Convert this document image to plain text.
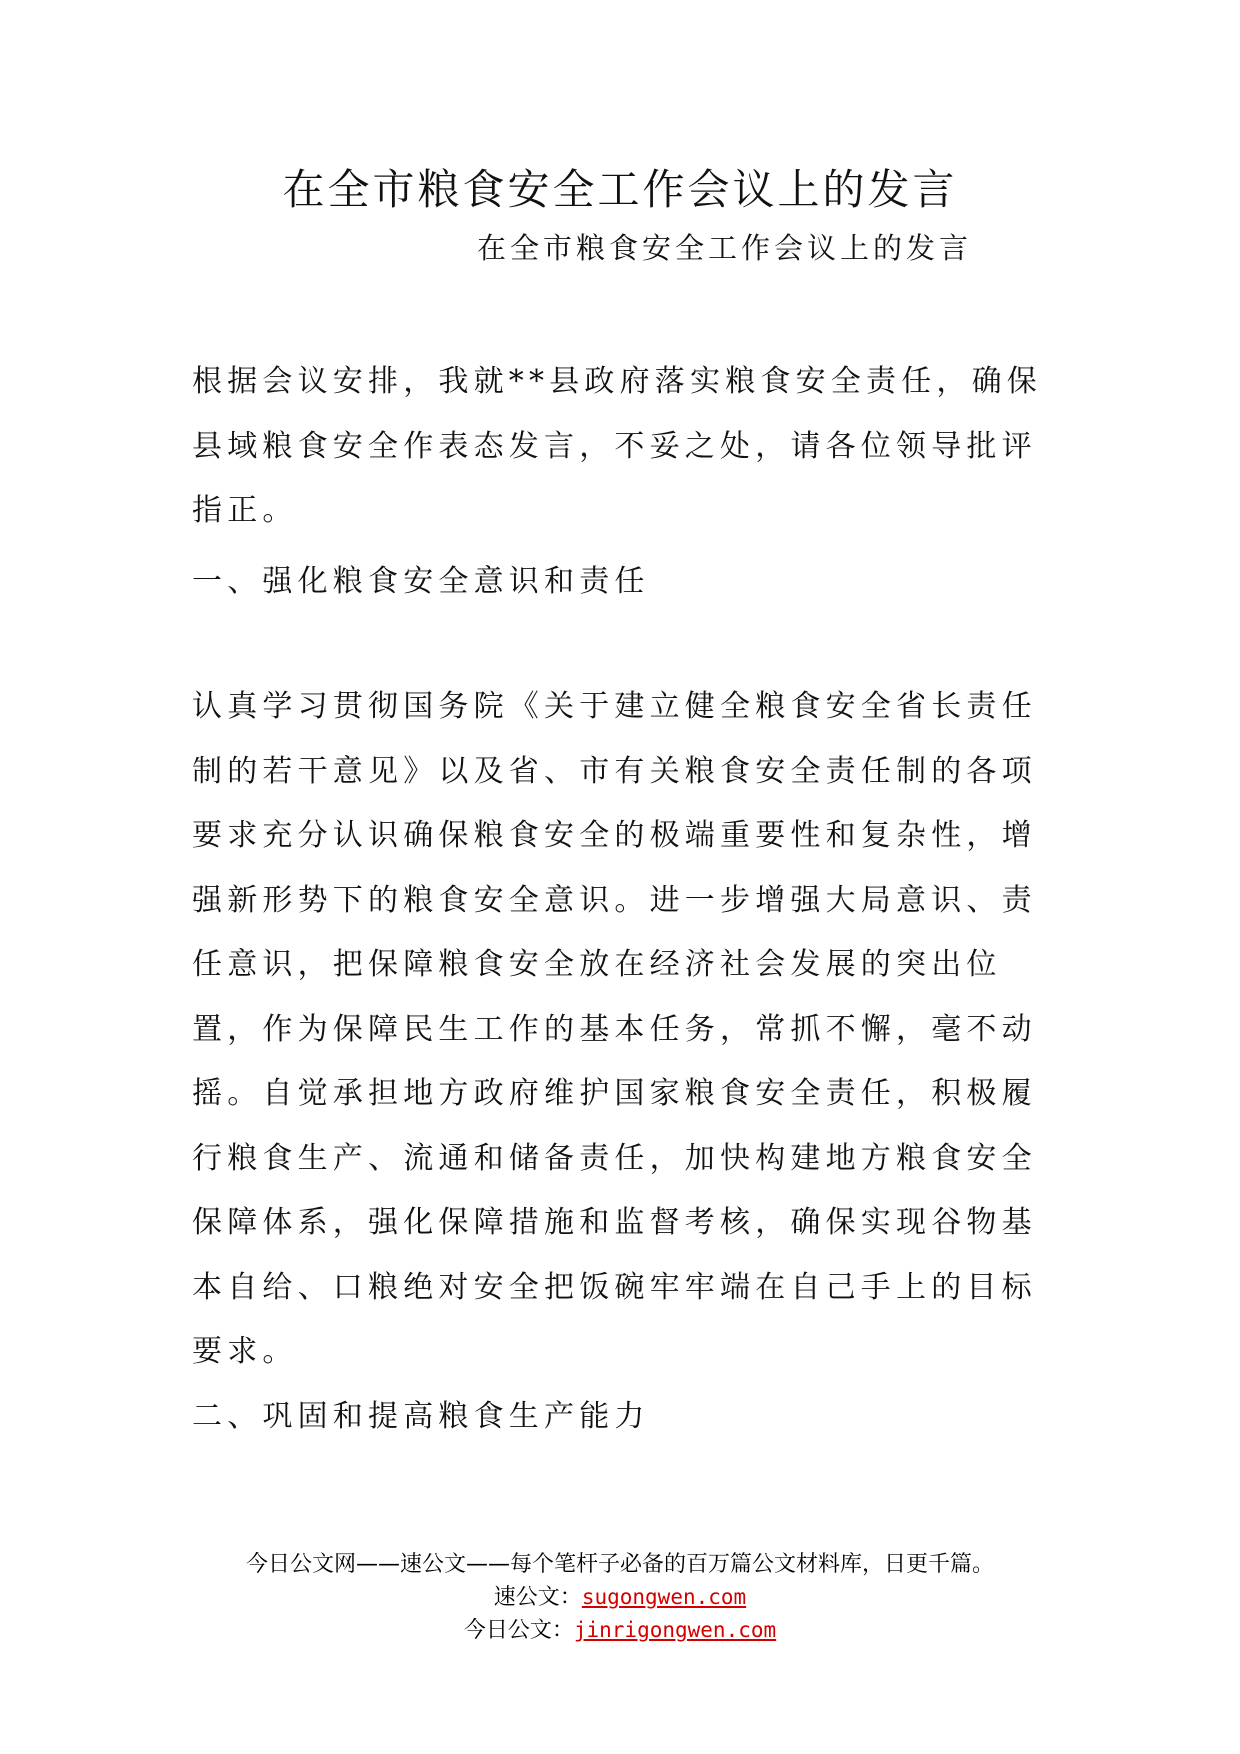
在全市粮食安全工作会议上的发言

在全市粮食安全工作会议上的发言

根据会议安排，我就**县政府落实粮食安全责任，确保县域粮食安全作表态发言，不妥之处，请各位领导批评指正。

一、强化粮食安全意识和责任

认真学习贯彻国务院《关于建立健全粮食安全省长责任制的若干意见》以及省、市有关粮食安全责任制的各项要求充分认识确保粮食安全的极端重要性和复杂性，增强新形势下的粮食安全意识。进一步增强大局意识、责任意识，把保障粮食安全放在经济社会发展的突出位置，作为保障民生工作的基本任务，常抓不懈，毫不动摇。自觉承担地方政府维护国家粮食安全责任，积极履行粮食生产、流通和储备责任，加快构建地方粮食安全保障体系，强化保障措施和监督考核，确保实现谷物基本自给、口粮绝对安全把饭碗牢牢端在自己手上的目标要求。

二、巩固和提高粮食生产能力

今日公文网——速公文——每个笔杆子必备的百万篇公文材料库，日更千篇。
速公文：sugongwen.com
今日公文：jinrigongwen.com
